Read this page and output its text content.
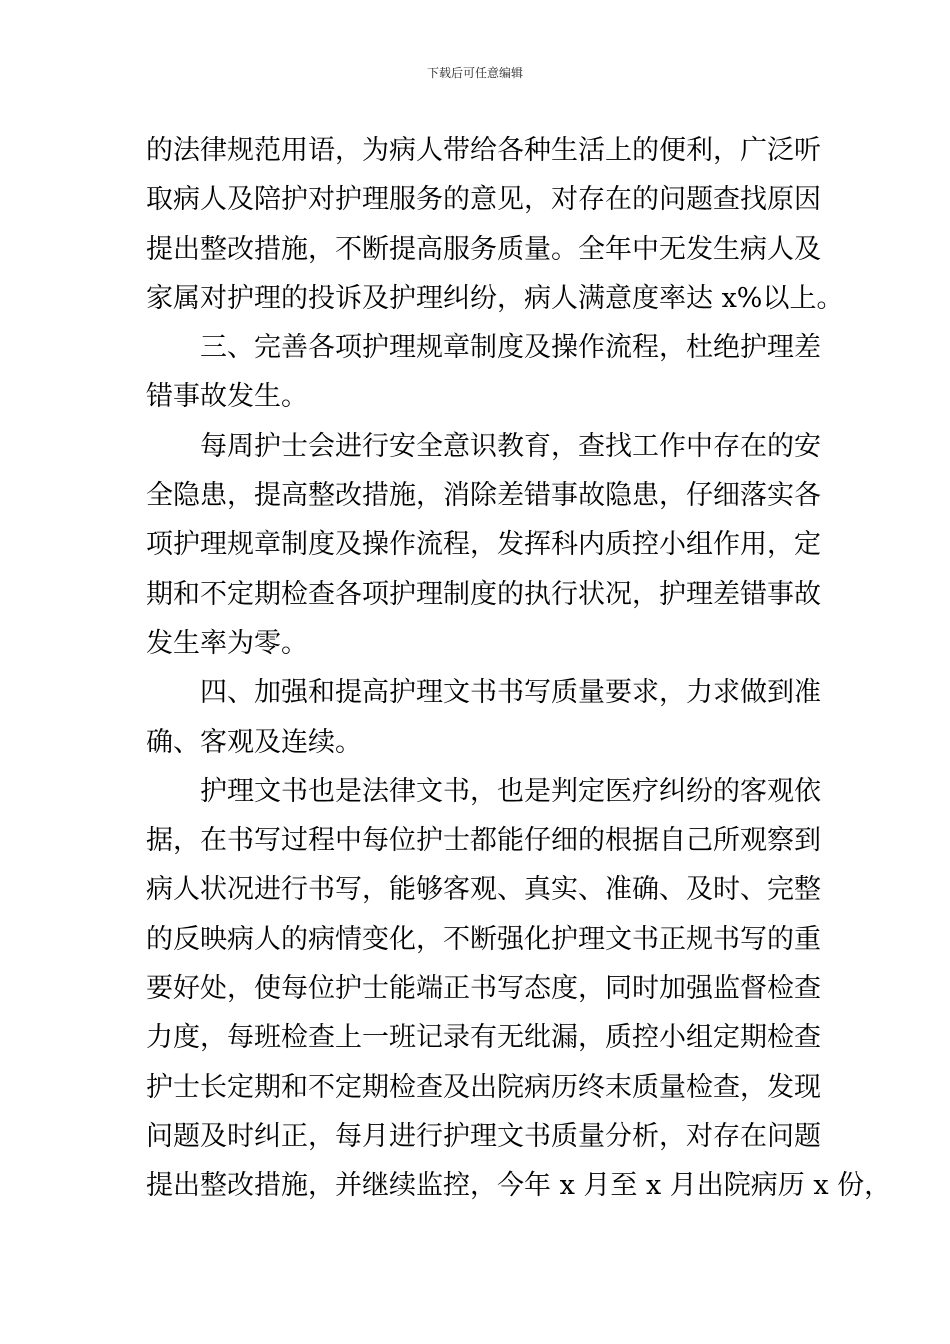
下载后可任意编辑
的法律规范用语，为病人带给各种生活上的便利，广泛听
取病人及陪护对护理服务的意见，对存在的问题查找原因
提出整改措施，不断提高服务质量。全年中无发生病人及
家属对护理的投诉及护理纠纷，病人满意度率达 x%以上。
三、完善各项护理规章制度及操作流程，杜绝护理差
错事故发生。
每周护士会进行安全意识教育，查找工作中存在的安
全隐患，提高整改措施，消除差错事故隐患，仔细落实各
项护理规章制度及操作流程，发挥科内质控小组作用，定
期和不定期检查各项护理制度的执行状况，护理差错事故
发生率为零。
四、加强和提高护理文书书写质量要求，力求做到准
确、客观及连续。
护理文书也是法律文书，也是判定医疗纠纷的客观依
据，在书写过程中每位护士都能仔细的根据自己所观察到
病人状况进行书写，能够客观、真实、准确、及时、完整
的反映病人的病情变化，不断强化护理文书正规书写的重
要好处，使每位护士能端正书写态度，同时加强监督检查
力度，每班检查上一班记录有无纰漏，质控小组定期检查
护士长定期和不定期检查及出院病历终末质量检查，发现
问题及时纠正，每月进行护理文书质量分析，对存在问题
提出整改措施，并继续监控，今年 x 月至 x 月出院病历 x 份，
